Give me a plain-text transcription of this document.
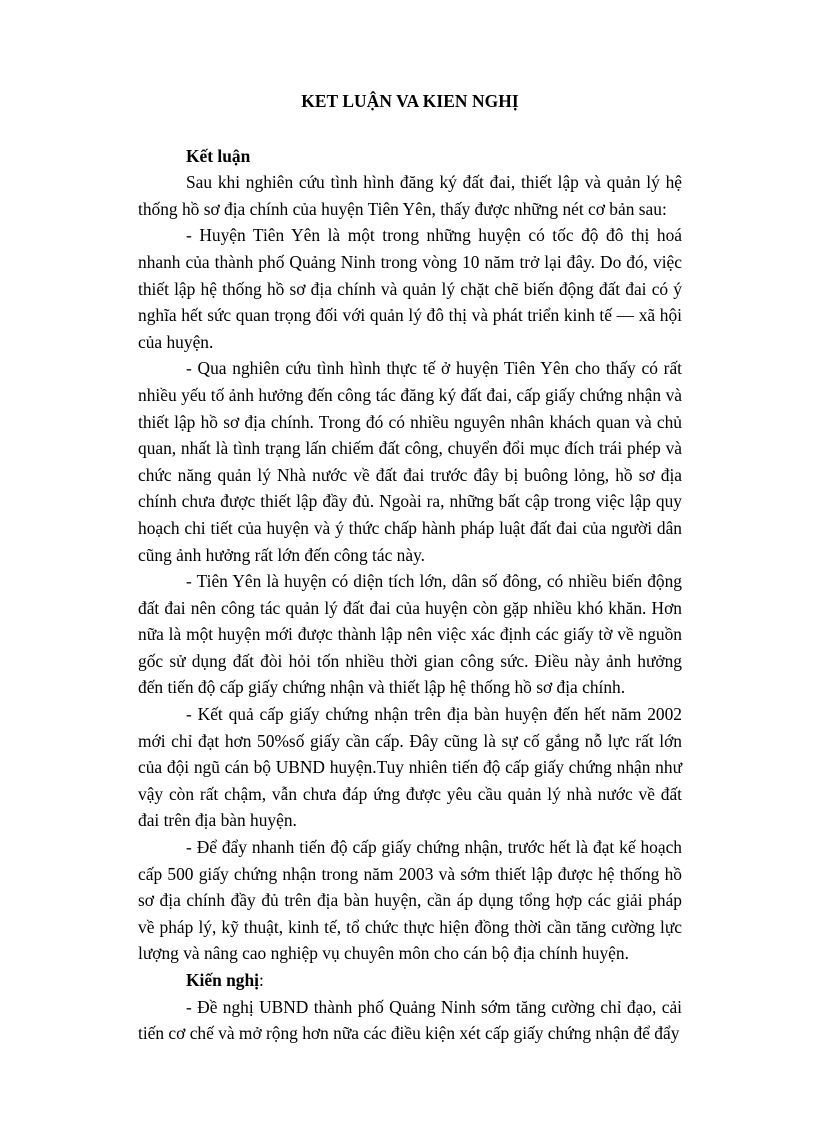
KET LUẬN VA KIEN NGHỊ

Kết luận

Sau khi nghiên cứu tình hình đăng ký đất đai, thiết lập và quản lý hệ thống hồ sơ địa chính của huyện Tiên Yên, thấy được những nét cơ bản sau:

- Huyện Tiên Yên là một trong những huyện có tốc độ đô thị hoá nhanh của thành phố Quảng Ninh trong vòng 10 năm trở lại đây. Do đó, việc thiết lập hệ thống hồ sơ địa chính và quản lý chặt chẽ biến động đất đai có ý nghĩa hết sức quan trọng đối với quản lý đô thị và phát triển kinh tế — xã hội của huyện.

- Qua nghiên cứu tình hình thực tế ở huyện Tiên Yên cho thấy có rất nhiều yếu tố ảnh hưởng đến công tác đăng ký đất đai, cấp giấy chứng nhận và thiết lập hồ sơ địa chính. Trong đó có nhiều nguyên nhân khách quan và chủ quan, nhất là tình trạng lấn chiếm đất công, chuyển đổi mục đích trái phép và chức năng quản lý Nhà nước về đất đai trước đây bị buông lỏng, hồ sơ địa chính chưa được thiết lập đầy đủ. Ngoài ra, những bất cập trong việc lập quy hoạch chi tiết của huyện và ý thức chấp hành pháp luật đất đai của người dân cũng ảnh hưởng rất lớn đến công tác này.

- Tiên Yên là huyện có diện tích lớn, dân số đông, có nhiều biến động đất đai nên công tác quản lý đất đai của huyện còn gặp nhiều khó khăn. Hơn nữa là một huyện mới được thành lập nên việc xác định các giấy tờ về nguồn gốc sử dụng đất đòi hỏi tốn nhiều thời gian công sức. Điều này ảnh hưởng đến tiến độ cấp giấy chứng nhận và thiết lập hệ thống hồ sơ địa chính.

- Kết quả cấp giấy chứng nhận trên địa bàn huyện đến hết năm 2002 mới chỉ đạt hơn 50%số giấy cần cấp. Đây cũng là sự cố gắng nỗ lực rất lớn của đội ngũ cán bộ UBND huyện.Tuy nhiên tiến độ cấp giấy chứng nhận như vậy còn rất chậm, vẫn chưa đáp ứng được yêu cầu quản lý nhà nước về đất đai trên địa bàn huyện.

- Để đẩy nhanh tiến độ cấp giấy chứng nhận, trước hết là đạt kế hoạch cấp 500 giấy chứng nhận trong năm 2003 và sớm thiết lập được hệ thống hồ sơ địa chính đầy đủ trên địa bàn huyện, cần áp dụng tổng hợp các giải pháp về pháp lý, kỹ thuật, kinh tế, tổ chức thực hiện đồng thời cần tăng cường lực lượng và nâng cao nghiệp vụ chuyên môn cho cán bộ địa chính huyện.

Kiến nghị:

- Đề nghị UBND thành phố Quảng Ninh sớm tăng cường chỉ đạo, cải tiến cơ chế và mở rộng hơn nữa các điều kiện xét cấp giấy chứng nhận để đẩy
